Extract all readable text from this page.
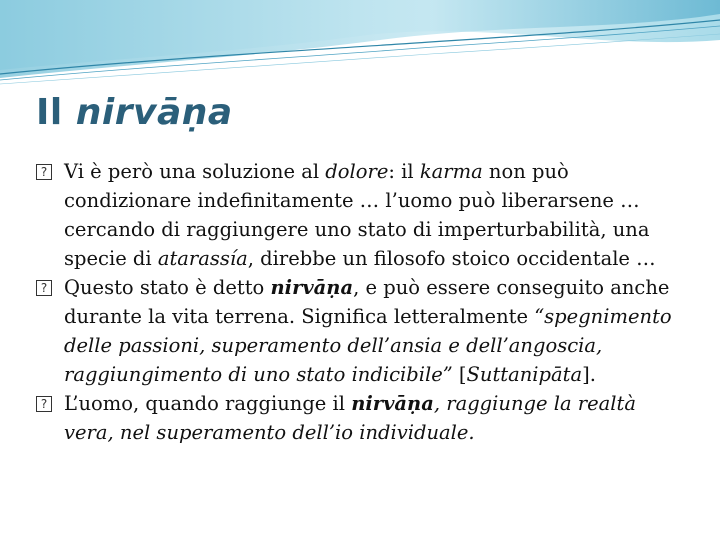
Il nirvāṇa

? Vi è però una soluzione al dolore: il karma non può condizionare indefinitamente … l’uomo può liberarsene … cercando di raggiungere uno stato di imperturbabilità, una specie di atarassía, direbbe un filosofo stoico occidentale …

? Questo stato è detto nirvāṇa, e può essere conseguito anche durante la vita terrena. Significa letteralmente “spegnimento delle passioni, superamento dell’ansia e dell’angoscia, raggiungimento di uno stato indicibile” [Suttanipāta].

? L’uomo, quando raggiunge il nirvāṇa, raggiunge la realtà vera, nel superamento dell’io individuale.
